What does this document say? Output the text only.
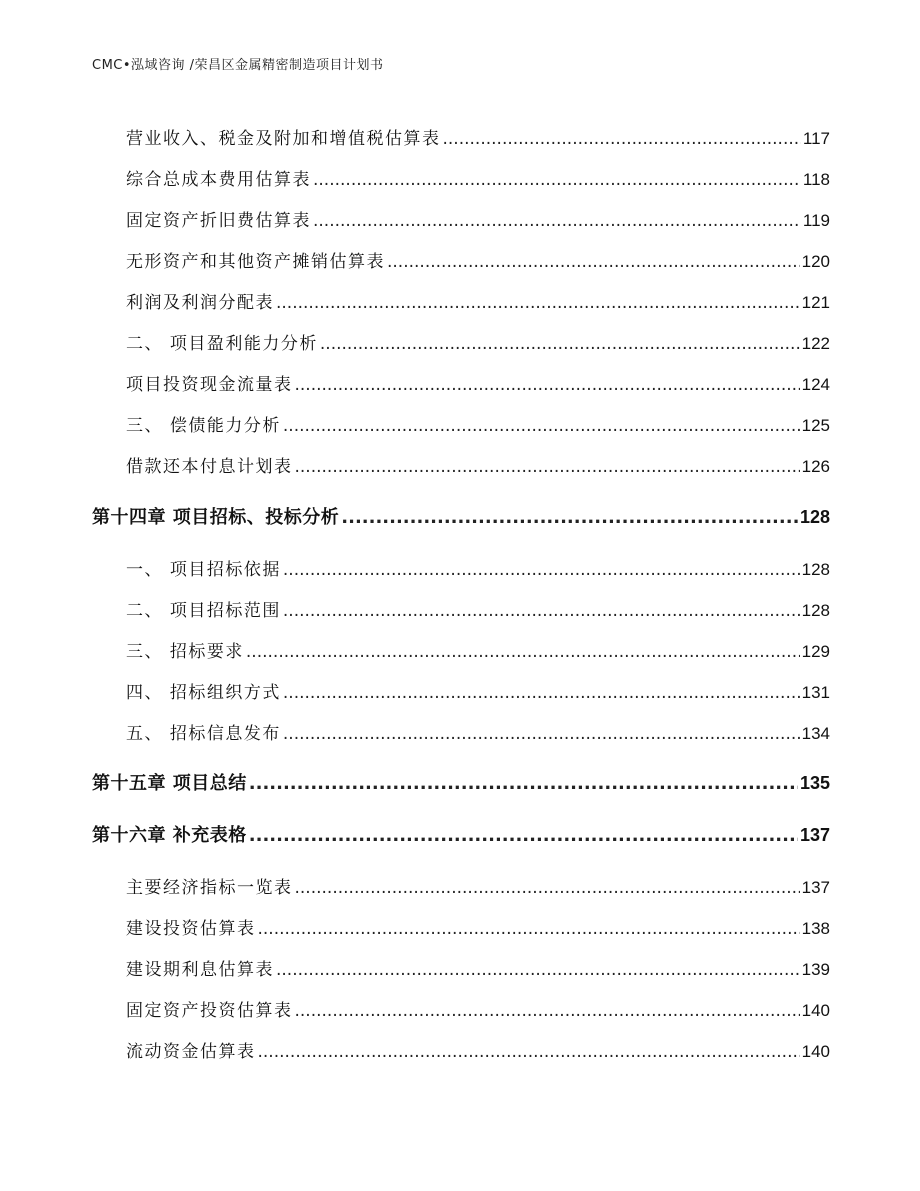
CMC•泓域咨询 /荣昌区金属精密制造项目计划书
营业收入、税金及附加和增值税估算表 .....	117
综合总成本费用估算表 .....	118
固定资产折旧费估算表 .....	119
无形资产和其他资产摊销估算表 .....	120
利润及利润分配表 .....	121
二、 项目盈利能力分析 .....	122
项目投资现金流量表 .....	124
三、 偿债能力分析 .....	125
借款还本付息计划表 .....	126
第十四章 项目招标、投标分析 .....	128
一、 项目招标依据 .....	128
二、 项目招标范围 .....	128
三、 招标要求 .....	129
四、 招标组织方式 .....	131
五、 招标信息发布 .....	134
第十五章 项目总结 .....	135
第十六章 补充表格 .....	137
主要经济指标一览表 .....	137
建设投资估算表 .....	138
建设期利息估算表 .....	139
固定资产投资估算表 .....	140
流动资金估算表 .....	140
